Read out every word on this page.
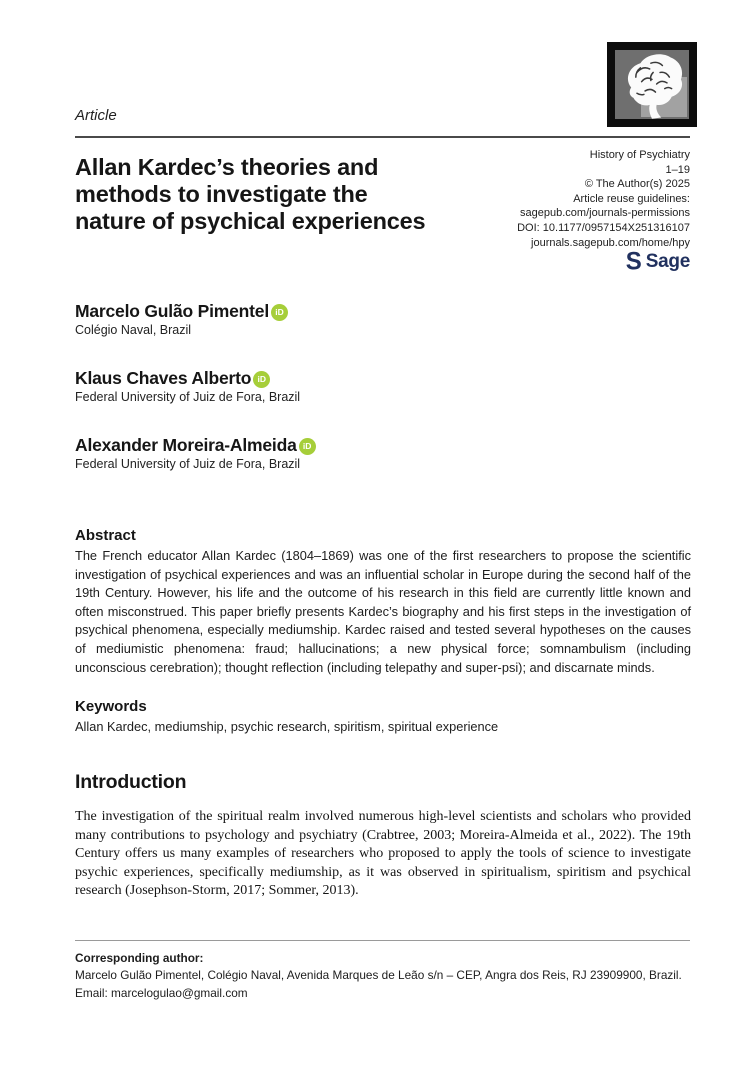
Article
Allan Kardec’s theories and
methods to investigate the
nature of psychical experiences
History of Psychiatry
1–19
© The Author(s) 2025
Article reuse guidelines:
sagepub.com/journals-permissions
DOI: 10.1177/0957154X251316107
journals.sagepub.com/home/hpy
S Sage
Marcelo Gulão Pimentel iD
Colégio Naval, Brazil
Klaus Chaves Alberto iD
Federal University of Juiz de Fora, Brazil
Alexander Moreira-Almeida iD
Federal University of Juiz de Fora, Brazil
Abstract

The French educator Allan Kardec (1804–1869) was one of the first researchers to propose the scientific investigation of psychical experiences and was an influential scholar in Europe during the second half of the 19th Century. However, his life and the outcome of his research in this field are currently little known and often misconstrued. This paper briefly presents Kardec’s biography and his first steps in the investigation of psychical phenomena, especially mediumship. Kardec raised and tested several hypotheses on the causes of mediumistic phenomena: fraud; hallucinations; a new physical force; somnambulism (including unconscious cerebration); thought reflection (including telepathy and super-psi); and discarnate minds.

Keywords

Allan Kardec, mediumship, psychic research, spiritism, spiritual experience

Introduction

The investigation of the spiritual realm involved numerous high-level scientists and scholars who provided many contributions to psychology and psychiatry (Crabtree, 2003; Moreira-Almeida et al., 2022). The 19th Century offers us many examples of researchers who proposed to apply the tools of science to investigate psychic experiences, specifically mediumship, as it was observed in spiritualism, spiritism and psychical research (Josephson-Storm, 2017; Sommer, 2013).

Corresponding author:
Marcelo Gulão Pimentel, Colégio Naval, Avenida Marques de Leão s/n – CEP, Angra dos Reis, RJ 23909900, Brazil.
Email: marcelogulao@gmail.com
